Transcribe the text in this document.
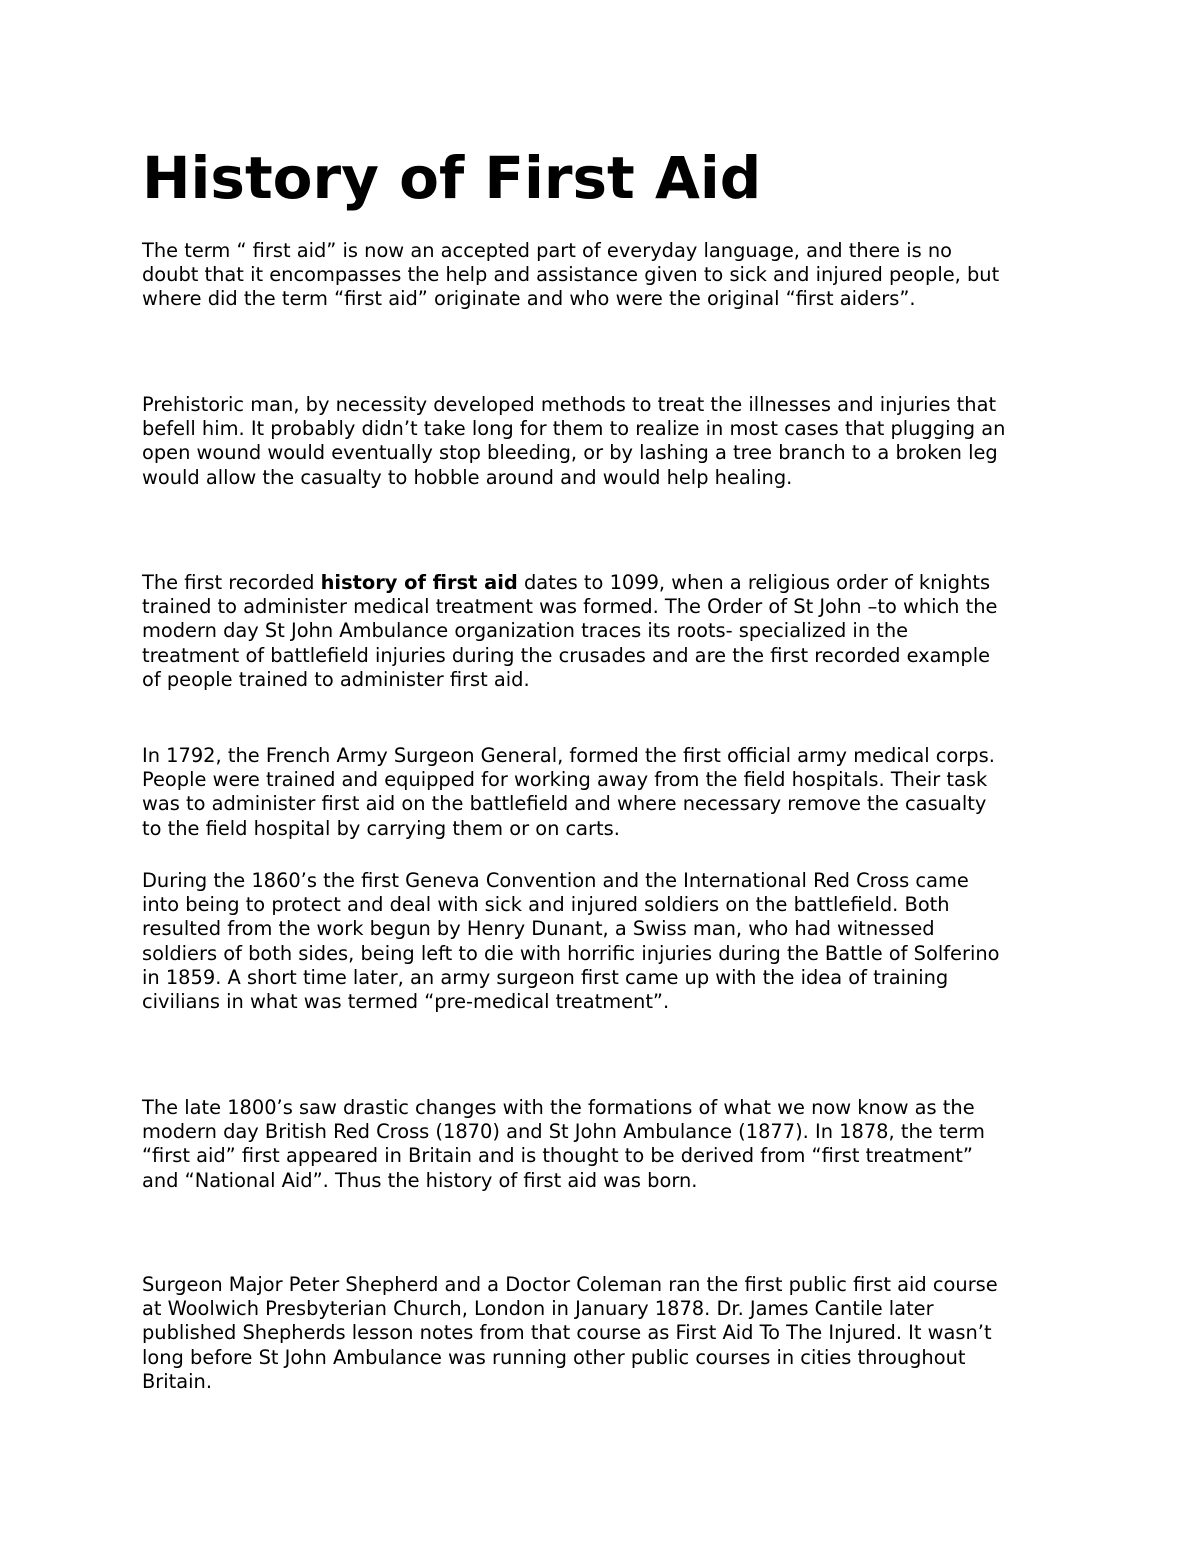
History of First Aid

The term “ first aid” is now an accepted part of everyday language, and there is no
doubt that it encompasses the help and assistance given to sick and injured people, but
where did the term “first aid” originate and who were the original “first aiders”.

Prehistoric man, by necessity developed methods to treat the illnesses and injuries that
befell him. It probably didn’t take long for them to realize in most cases that plugging an
open wound would eventually stop bleeding, or by lashing a tree branch to a broken leg
would allow the casualty to hobble around and would help healing.

The first recorded history of first aid dates to 1099, when a religious order of knights
trained to administer medical treatment was formed. The Order of St John –to which the
modern day St John Ambulance organization traces its roots- specialized in the
treatment of battlefield injuries during the crusades and are the first recorded example
of people trained to administer first aid.

In 1792, the French Army Surgeon General, formed the first official army medical corps.
People were trained and equipped for working away from the field hospitals. Their task
was to administer first aid on the battlefield and where necessary remove the casualty
to the field hospital by carrying them or on carts.

During the 1860’s the first Geneva Convention and the International Red Cross came
into being to protect and deal with sick and injured soldiers on the battlefield. Both
resulted from the work begun by Henry Dunant, a Swiss man, who had witnessed
soldiers of both sides, being left to die with horrific injuries during the Battle of Solferino
in 1859. A short time later, an army surgeon first came up with the idea of training
civilians in what was termed “pre-medical treatment”.

The late 1800’s saw drastic changes with the formations of what we now know as the
modern day British Red Cross (1870) and St John Ambulance (1877). In 1878, the term
“first aid” first appeared in Britain and is thought to be derived from “first treatment”
and “National Aid”. Thus the history of first aid was born.

Surgeon Major Peter Shepherd and a Doctor Coleman ran the first public first aid course
at Woolwich Presbyterian Church, London in January 1878. Dr. James Cantile later
published Shepherds lesson notes from that course as First Aid To The Injured. It wasn’t
long before St John Ambulance was running other public courses in cities throughout
Britain.
